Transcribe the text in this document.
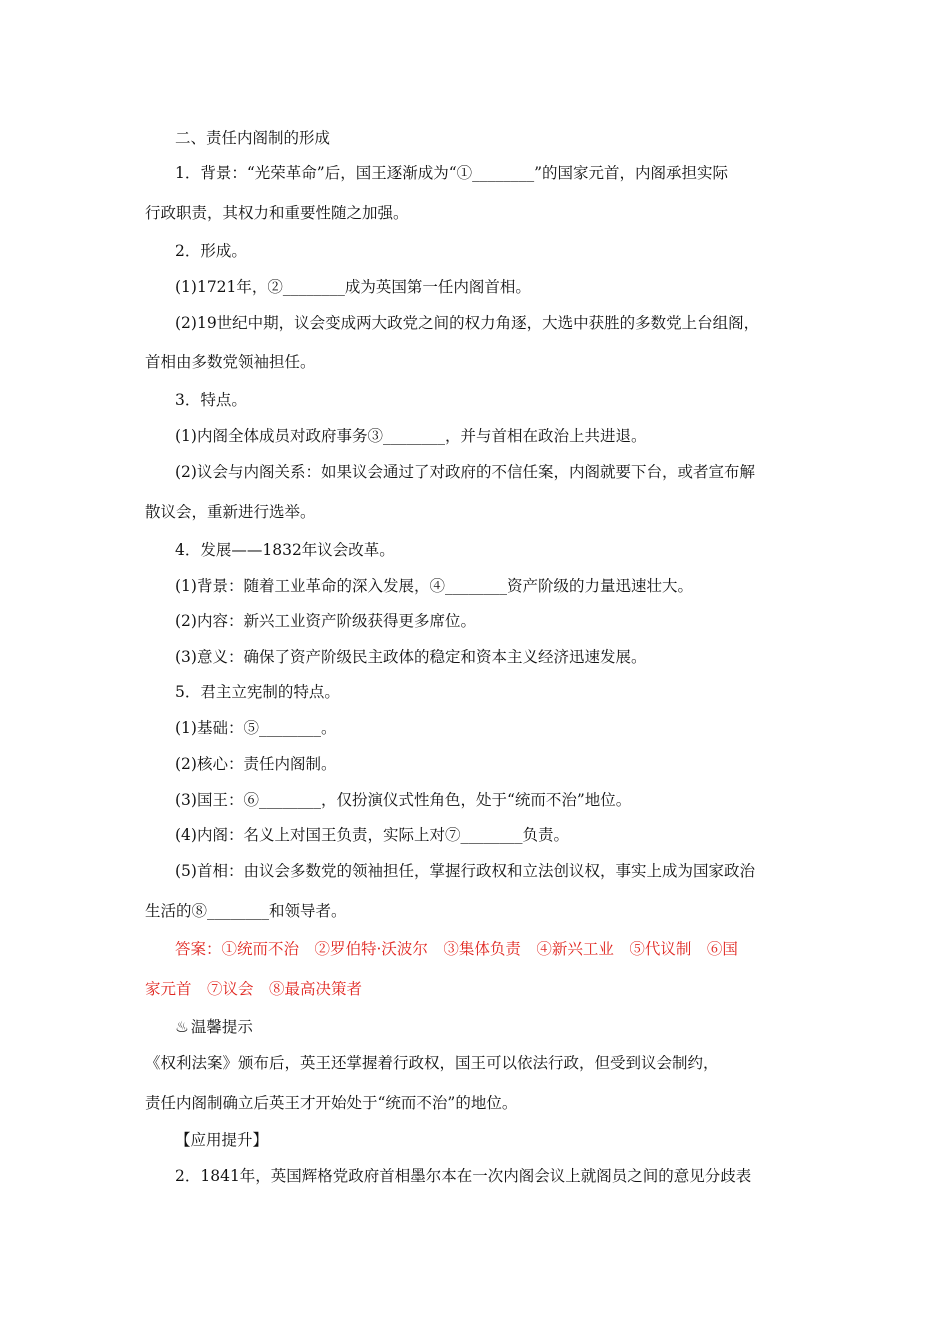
二、责任内阁制的形成
1．背景：“光荣革命”后，国王逐渐成为“①________”的国家元首，内阁承担实际
行政职责，其权力和重要性随之加强。
2．形成。
(1)1721年，②________成为英国第一任内阁首相。
(2)19世纪中期，议会变成两大政党之间的权力角逐，大选中获胜的多数党上台组阁，
首相由多数党领袖担任。
3．特点。
(1)内阁全体成员对政府事务③________，并与首相在政治上共进退。
(2)议会与内阁关系：如果议会通过了对政府的不信任案，内阁就要下台，或者宣布解
散议会，重新进行选举。
4．发展——1832年议会改革。
(1)背景：随着工业革命的深入发展，④________资产阶级的力量迅速壮大。
(2)内容：新兴工业资产阶级获得更多席位。
(3)意义：确保了资产阶级民主政体的稳定和资本主义经济迅速发展。
5．君主立宪制的特点。
(1)基础：⑤________。
(2)核心：责任内阁制。
(3)国王：⑥________，仅扮演仪式性角色，处于“统而不治”地位。
(4)内阁：名义上对国王负责，实际上对⑦________负责。
(5)首相：由议会多数党的领袖担任，掌握行政权和立法创议权，事实上成为国家政治
生活的⑧________和领导者。
答案：①统而不治　②罗伯特·沃波尔　③集体负责　④新兴工业　⑤代议制　⑥国
家元首　⑦议会　⑧最高决策者
♨ 温馨提示
《权利法案》颁布后，英王还掌握着行政权，国王可以依法行政，但受到议会制约，
责任内阁制确立后英王才开始处于“统而不治”的地位。
【应用提升】
2．1841年，英国辉格党政府首相墨尔本在一次内阁会议上就阁员之间的意见分歧表
